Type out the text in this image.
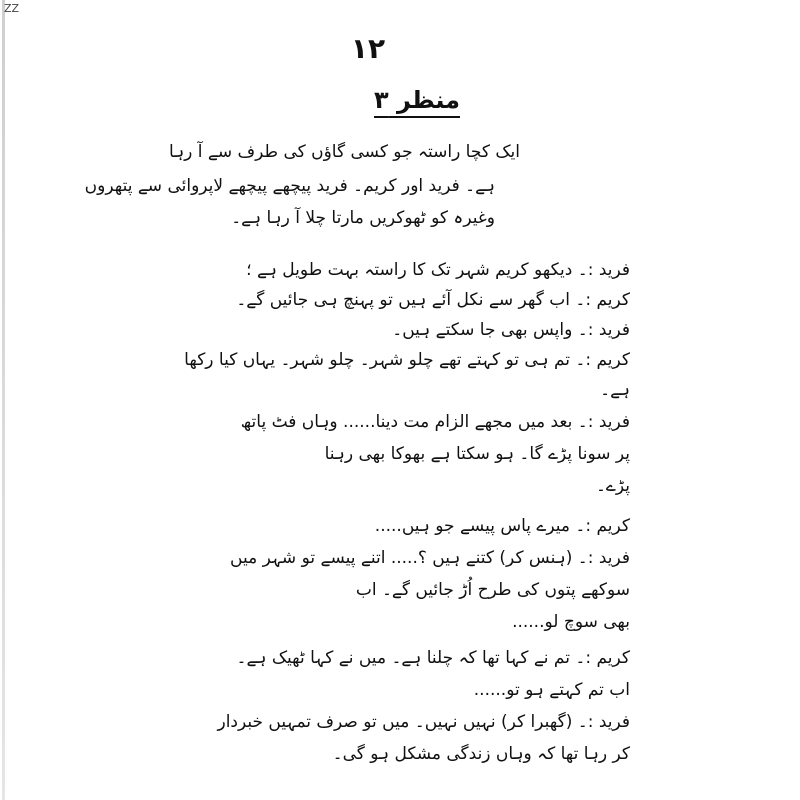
ZZ
١٢
منظر ۳
ایک کچا راستہ جو کسی گاؤں کی طرف سے آ رہا
ہے۔ فرید اور کریم۔ فرید پیچھے پیچھے لاپروائی سے پتھروں
وغیرہ کو ٹھوکریں مارتا چلا آ رہا ہے۔
فرید :۔ دیکھو کریم شہر تک کا راستہ بہت طویل ہے ؛
کریم :۔ اب گھر سے نکل آئے ہیں تو پہنچ ہی جائیں گے۔
فرید :۔ واپس بھی جا سکتے ہیں۔
کریم :۔ تم ہی تو کہتے تھے چلو شہر۔ چلو شہر۔ یہاں کیا رکھا
ہے۔
فرید :۔ بعد میں مجھے الزام مت دینا...... وہاں فٹ پاتھ
پر سونا پڑے گا۔ ہو سکتا ہے بھوکا بھی رہنا
پڑے۔
کریم :۔ میرے پاس پیسے جو ہیں.....
فرید :۔ (ہنس کر) کتنے ہیں ؟..... اتنے پیسے تو شہر میں
سوکھے پتوں کی طرح اُڑ جائیں گے۔ اب
بھی سوچ لو......
کریم :۔ تم نے کہا تھا کہ چلنا ہے۔ میں نے کہا ٹھیک ہے۔
اب تم کہتے ہو تو......
فرید :۔ (گھبرا کر) نہیں نہیں۔ میں تو صرف تمہیں خبردار
کر رہا تھا کہ وہاں زندگی مشکل ہو گی۔
